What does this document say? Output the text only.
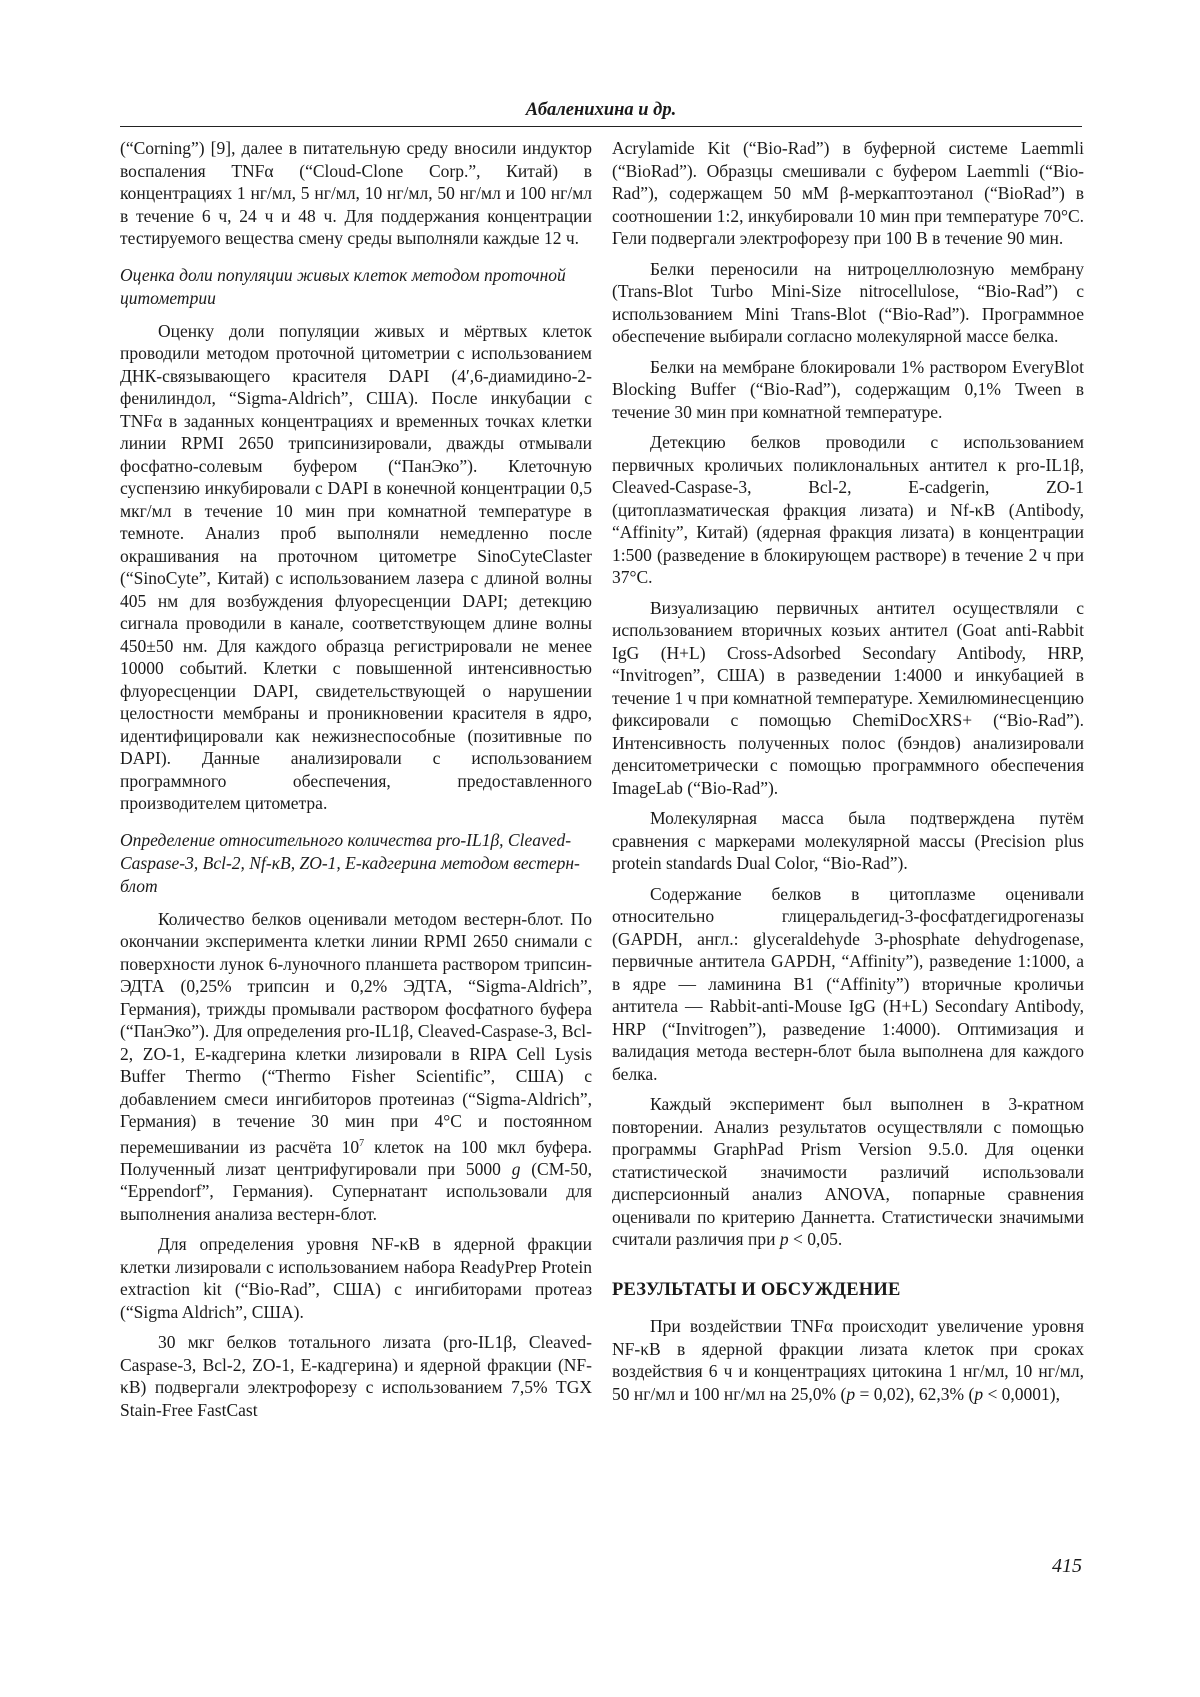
Абаленихина и др.

(“Corning”) [9], далее в питательную среду вносили индуктор воспаления TNFα (“Cloud-Clone Corp.”, Китай) в концентрациях 1 нг/мл, 5 нг/мл, 10 нг/мл, 50 нг/мл и 100 нг/мл в течение 6 ч, 24 ч и 48 ч. Для поддержания концентрации тестируемого вещества смену среды выполняли каждые 12 ч.

Оценка доли популяции живых клеток методом проточной цитометрии

Оценку доли популяции живых и мёртвых клеток проводили методом проточной цитометрии с использованием ДНК-связывающего красителя DAPI (4′,6-диамидино-2-фенилиндол, “Sigma-Aldrich”, США). После инкубации с TNFα в заданных концентрациях и временных точках клетки линии RPMI 2650 трипсинизировали, дважды отмывали фосфатно-солевым буфером (“ПанЭко”). Клеточную суспензию инкубировали с DAPI в конечной концентрации 0,5 мкг/мл в течение 10 мин при комнатной температуре в темноте. Анализ проб выполняли немедленно после окрашивания на проточном цитометре SinoCyteClaster (“SinoCyte”, Китай) с использованием лазера с длиной волны 405 нм для возбуждения флуоресценции DAPI; детекцию сигнала проводили в канале, соответствующем длине волны 450±50 нм. Для каждого образца регистрировали не менее 10000 событий. Клетки с повышенной интенсивностью флуоресценции DAPI, свидетельствующей о нарушении целостности мембраны и проникновении красителя в ядро, идентифицировали как нежизнеспособные (позитивные по DAPI). Данные анализировали с использованием программного обеспечения, предоставленного производителем цитометра.

Определение относительного количества pro-IL1β, Cleaved-Caspase-3, Bcl-2, Nf-κB, ZO-1, E-кадгерина методом вестерн-блот

Количество белков оценивали методом вестерн-блот. По окончании эксперимента клетки линии RPMI 2650 снимали с поверхности лунок 6-луночного планшета раствором трипсин-ЭДТА (0,25% трипсин и 0,2% ЭДТА, “Sigma-Aldrich”, Германия), трижды промывали раствором фосфатного буфера (“ПанЭко”). Для определения pro-IL1β, Cleaved-Caspase-3, Bcl-2, ZO-1, E-кадгерина клетки лизировали в RIPA Cell Lysis Buffer Thermo (“Thermo Fisher Scientific”, США) с добавлением смеси ингибиторов протеиназ (“Sigma-Aldrich”, Германия) в течение 30 мин при 4°C и постоянном перемешивании из расчёта $10^7$ клеток на 100 мкл буфера. Полученный лизат центрифугировали при 5000 g (CM-50, “Eppendorf”, Германия). Супернатант использовали для выполнения анализа вестерн-блот.

Для определения уровня NF-κB в ядерной фракции клетки лизировали с использованием набора ReadyPrep Protein extraction kit (“Bio-Rad”, США) с ингибиторами протеаз (“Sigma Aldrich”, США).

30 мкг белков тотального лизата (pro-IL1β, Cleaved-Caspase-3, Bcl-2, ZO-1, E-кадгерина) и ядерной фракции (NF-κB) подвергали электрофорезу с использованием 7,5% TGX Stain-Free FastCast

Acrylamide Kit (“Bio-Rad”) в буферной системе Laemmli (“BioRad”). Образцы смешивали с буфером Laemmli (“Bio-Rad”), содержащем 50 мМ β-меркаптоэтанол (“BioRad”) в соотношении 1:2, инкубировали 10 мин при температуре 70°C. Гели подвергали электрофорезу при 100 В в течение 90 мин.

Белки переносили на нитроцеллюлозную мембрану (Trans-Blot Turbo Mini-Size nitrocellulose, “Bio-Rad”) с использованием Mini Trans-Blot (“Bio-Rad”). Программное обеспечение выбирали согласно молекулярной массе белка.

Белки на мембране блокировали 1% раствором EveryBlot Blocking Buffer (“Bio-Rad”), содержащим 0,1% Tween в течение 30 мин при комнатной температуре.

Детекцию белков проводили с использованием первичных кроличьих поликлональных антител к pro-IL1β, Cleaved-Caspase-3, Bcl-2, E-cadgerin, ZO-1 (цитоплазматическая фракция лизата) и Nf-κB (Antibody, “Affinity”, Китай) (ядерная фракция лизата) в концентрации 1:500 (разведение в блокирующем растворе) в течение 2 ч при 37°C.

Визуализацию первичных антител осуществляли с использованием вторичных козьих антител (Goat anti-Rabbit IgG (H+L) Cross-Adsorbed Secondary Antibody, HRP, “Invitrogen”, США) в разведении 1:4000 и инкубацией в течение 1 ч при комнатной температуре. Хемилюминесценцию фиксировали с помощью ChemiDocXRS+ (“Bio-Rad”). Интенсивность полученных полос (бэндов) анализировали денситометрически с помощью программного обеспечения ImageLab (“Bio-Rad”).

Молекулярная масса была подтверждена путём сравнения с маркерами молекулярной массы (Precision plus protein standards Dual Color, “Bio-Rad”).

Содержание белков в цитоплазме оценивали относительно глицеральдегид-3-фосфатдегидрогеназы (GAPDH, англ.: glyceraldehyde 3-phosphate dehydrogenase, первичные антитела GAPDH, “Affinity”), разведение 1:1000, а в ядре — ламинина B1 (“Affinity”) вторичные кроличьи антитела — Rabbit-anti-Mouse IgG (H+L) Secondary Antibody, HRP (“Invitrogen”), разведение 1:4000). Оптимизация и валидация метода вестерн-блот была выполнена для каждого белка.

Каждый эксперимент был выполнен в 3-кратном повторении. Анализ результатов осуществляли с помощью программы GraphPad Prism Version 9.5.0. Для оценки статистической значимости различий использовали дисперсионный анализ ANOVA, попарные сравнения оценивали по критерию Даннетта. Статистически значимыми считали различия при p < 0,05.

РЕЗУЛЬТАТЫ И ОБСУЖДЕНИЕ

При воздействии TNFα происходит увеличение уровня NF-κB в ядерной фракции лизата клеток при сроках воздействия 6 ч и концентрациях цитокина 1 нг/мл, 10 нг/мл, 50 нг/мл и 100 нг/мл на 25,0% (p = 0,02), 62,3% (p < 0,0001),

415
